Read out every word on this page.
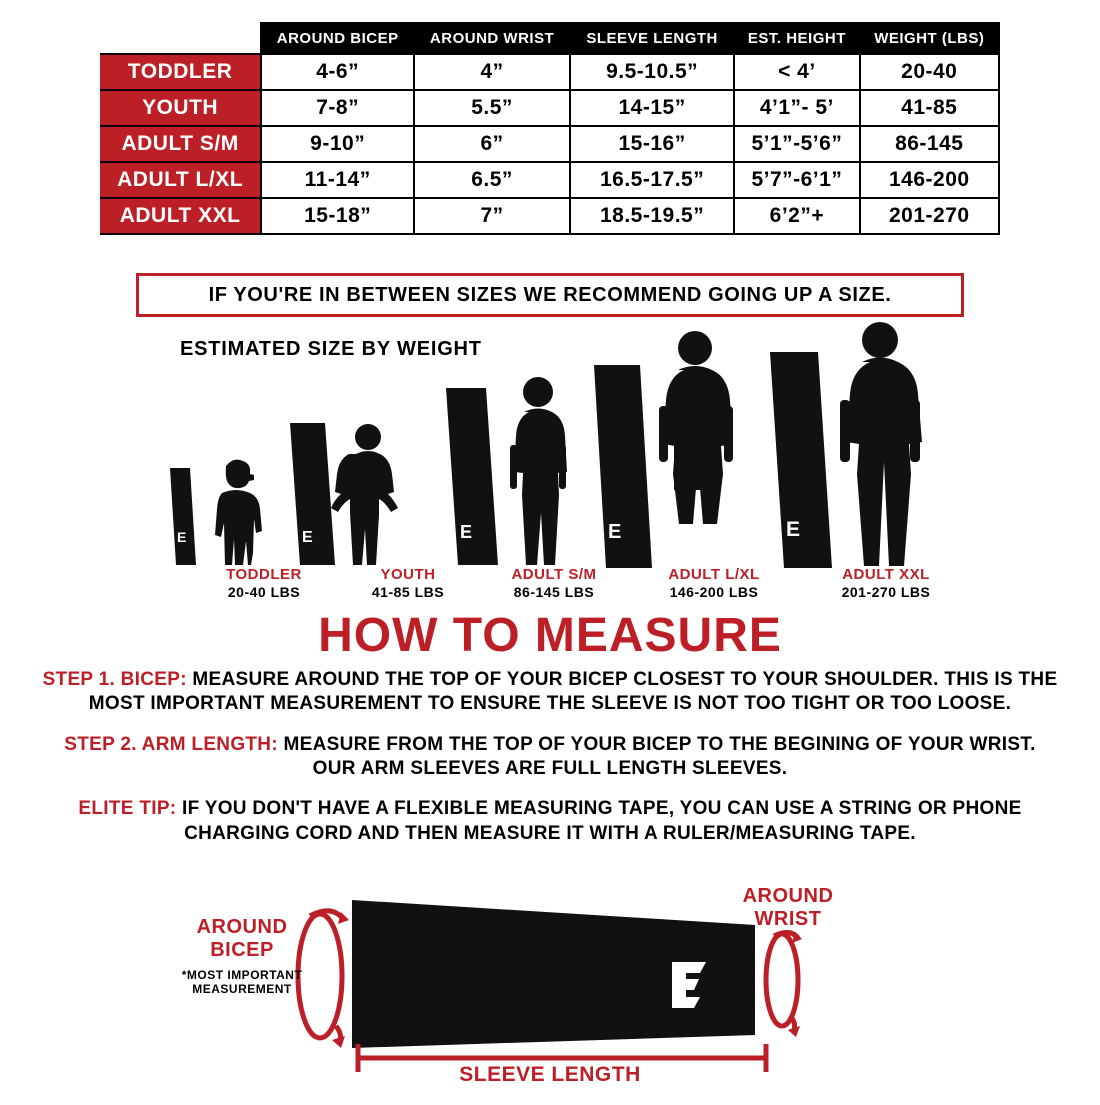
	AROUND BICEP	AROUND WRIST	SLEEVE LENGTH	EST. HEIGHT	WEIGHT (LBS)
TODDLER	4-6”	4”	9.5-10.5”	< 4’	20-40
YOUTH	7-8”	5.5”	14-15”	4’1”- 5’	41-85
ADULT S/M	9-10”	6”	15-16”	5’1”-5’6”	86-145
ADULT L/XL	11-14”	6.5”	16.5-17.5”	5’7”-6’1”	146-200
ADULT XXL	15-18”	7”	18.5-19.5”	6’2”+	201-270
IF YOU'RE IN BETWEEN SIZES WE RECOMMEND GOING UP A SIZE.
ESTIMATED SIZE BY WEIGHT
E	E	E	E	E
TODDLER
20-40 LBS
YOUTH
41-85 LBS
ADULT S/M
86-145 LBS
ADULT L/XL
146-200 LBS
ADULT XXL
201-270 LBS
HOW TO MEASURE
STEP 1. BICEP: MEASURE AROUND THE TOP OF YOUR BICEP CLOSEST TO YOUR SHOULDER. THIS IS THE MOST IMPORTANT MEASUREMENT TO ENSURE THE SLEEVE IS NOT TOO TIGHT OR TOO LOOSE.
STEP 2. ARM LENGTH: MEASURE FROM THE TOP OF YOUR BICEP TO THE BEGINING OF YOUR WRIST. OUR ARM SLEEVES ARE FULL LENGTH SLEEVES.
ELITE TIP: IF YOU DON'T HAVE A FLEXIBLE MEASURING TAPE, YOU CAN USE A STRING OR PHONE CHARGING CORD AND THEN MEASURE IT WITH A RULER/MEASURING TAPE.
AROUND
BICEP
*MOST IMPORTANT MEASUREMENT
AROUND
WRIST
SLEEVE LENGTH
